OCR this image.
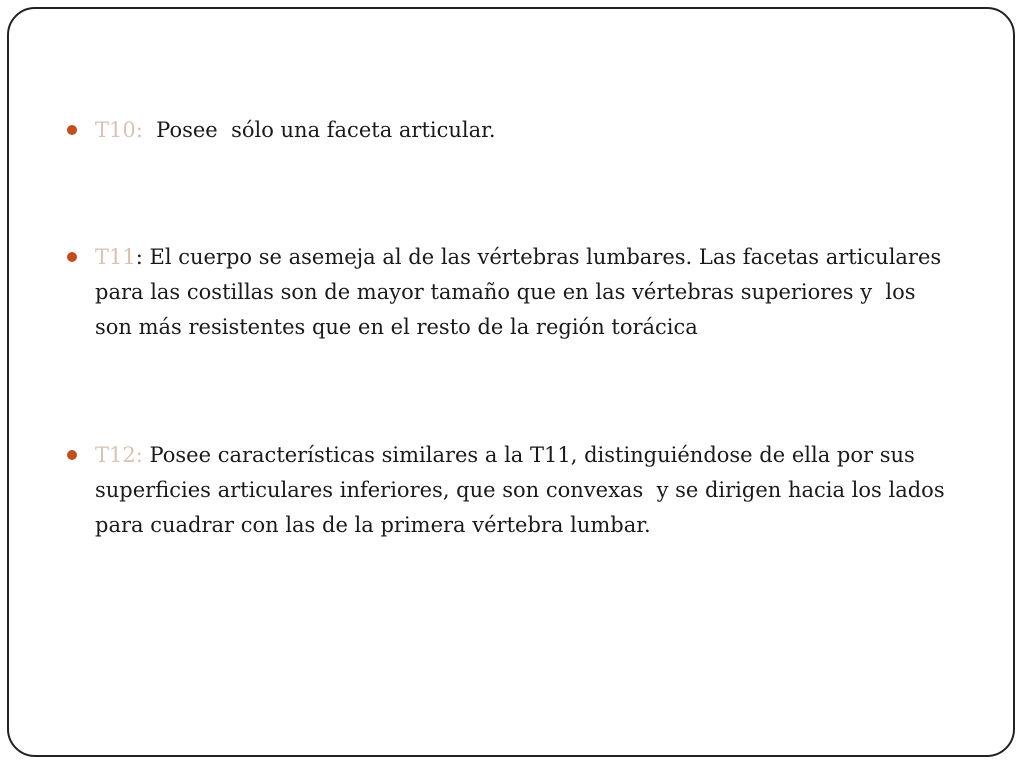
T10:  Posee  sólo una faceta articular.
T11: El cuerpo se asemeja al de las vértebras lumbares. Las facetas articulares para las costillas son de mayor tamaño que en las vértebras superiores y  los son más resistentes que en el resto de la región torácica
T12: Posee características similares a la T11, distinguiéndose de ella por sus superficies articulares inferiores, que son convexas  y se dirigen hacia los lados para cuadrar con las de la primera vértebra lumbar.
